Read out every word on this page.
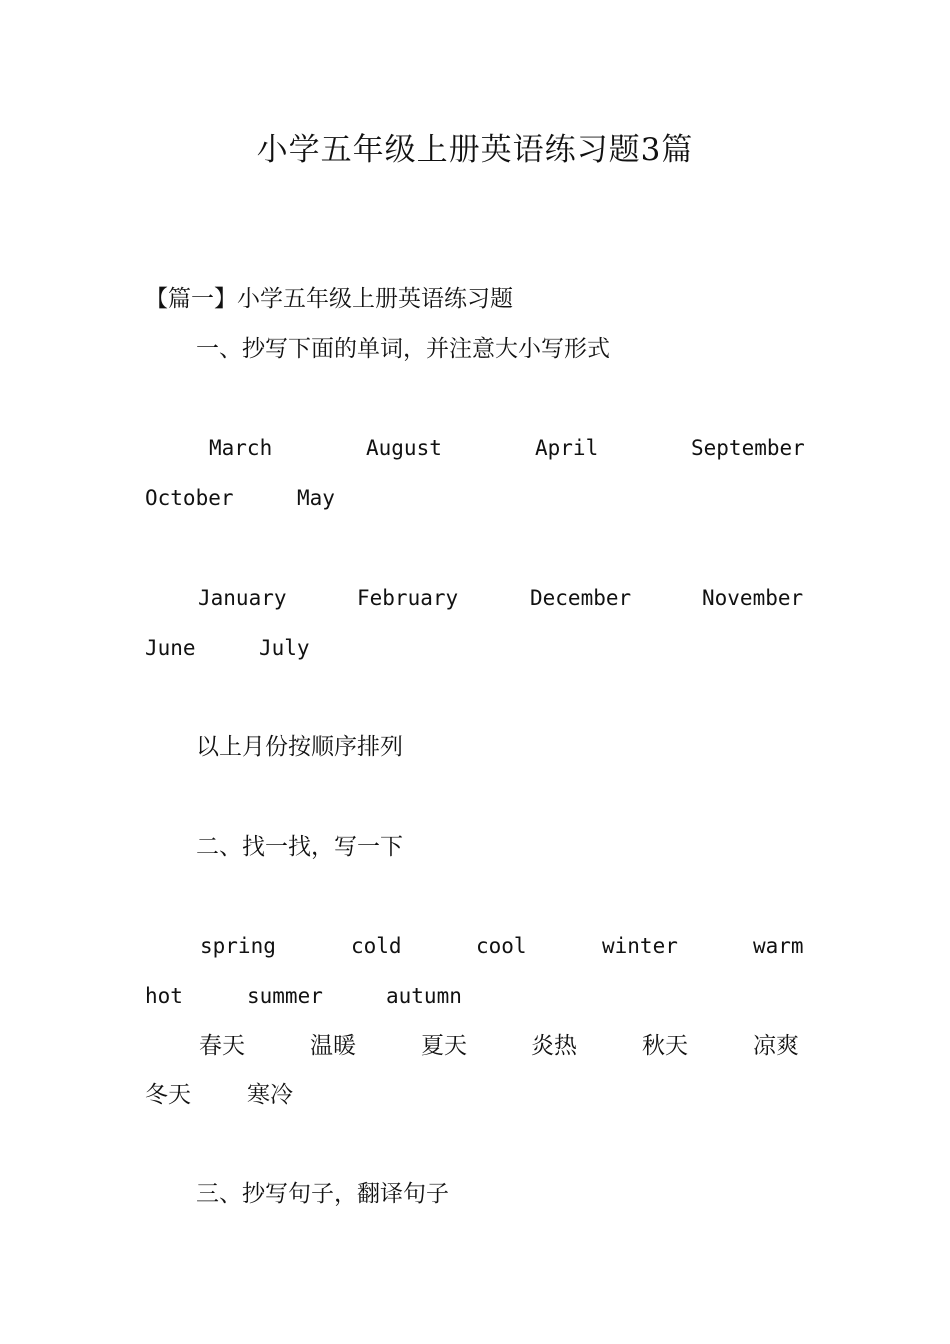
小学五年级上册英语练习题3篇
【篇一】小学五年级上册英语练习题
一、抄写下面的单词，并注意大小写形式
March	August	April	September
October	May
January	February	December	November
June	July
以上月份按顺序排列
二、找一找，写一下
spring	cold	cool	winter	warm
hot	summer	autumn
春天	温暖	夏天	炎热	秋天	凉爽
冬天 寒冷
三、抄写句子，翻译句子
